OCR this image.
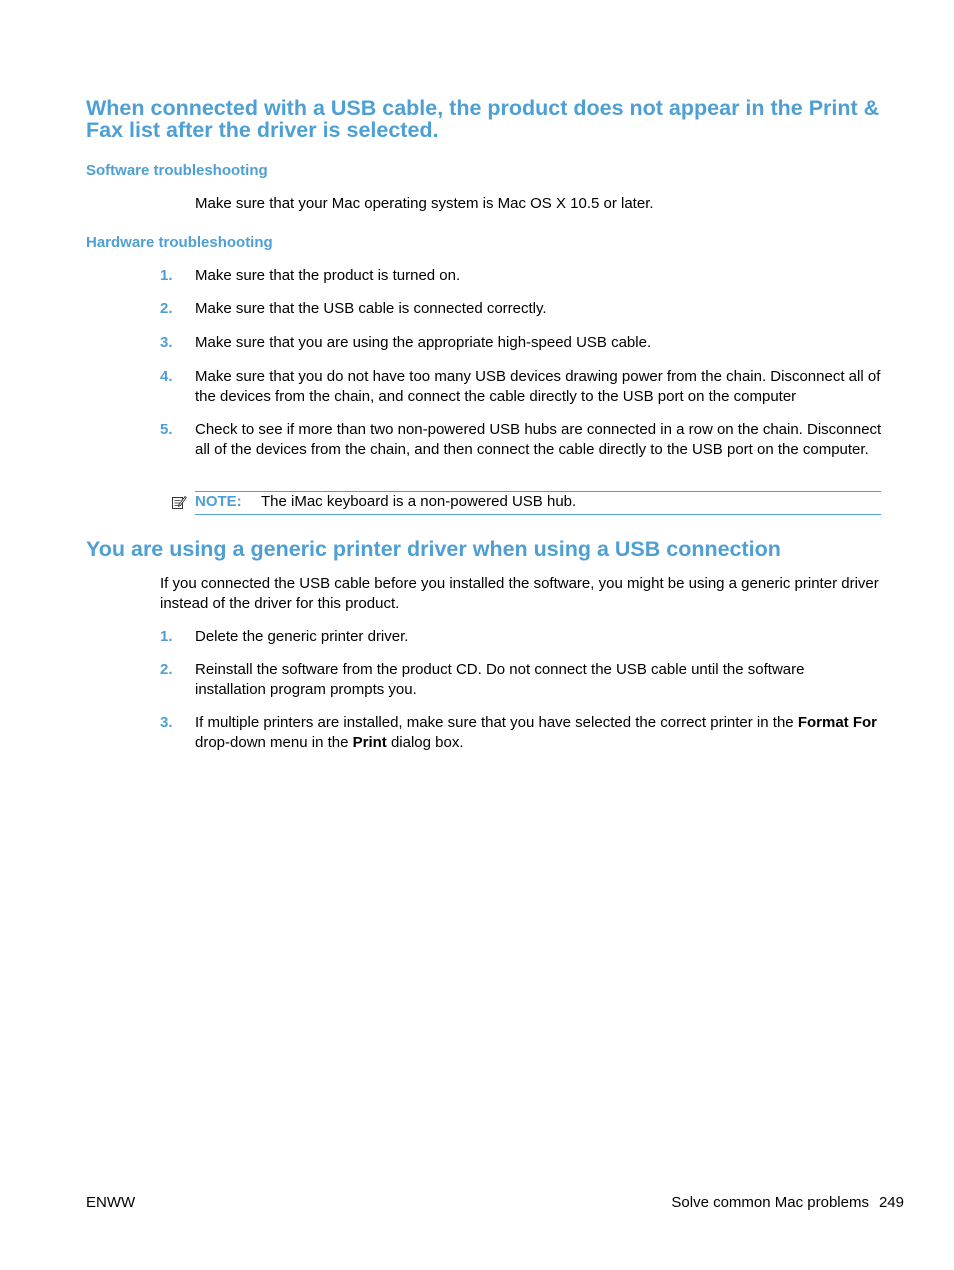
When connected with a USB cable, the product does not appear in the Print & Fax list after the driver is selected.
Software troubleshooting
Make sure that your Mac operating system is Mac OS X 10.5 or later.
Hardware troubleshooting
1. Make sure that the product is turned on.
2. Make sure that the USB cable is connected correctly.
3. Make sure that you are using the appropriate high-speed USB cable.
4. Make sure that you do not have too many USB devices drawing power from the chain. Disconnect all of the devices from the chain, and connect the cable directly to the USB port on the computer
5. Check to see if more than two non-powered USB hubs are connected in a row on the chain. Disconnect all of the devices from the chain, and then connect the cable directly to the USB port on the computer.
NOTE: The iMac keyboard is a non-powered USB hub.
You are using a generic printer driver when using a USB connection
If you connected the USB cable before you installed the software, you might be using a generic printer driver instead of the driver for this product.
1. Delete the generic printer driver.
2. Reinstall the software from the product CD. Do not connect the USB cable until the software installation program prompts you.
3. If multiple printers are installed, make sure that you have selected the correct printer in the Format For drop-down menu in the Print dialog box.
ENWW	Solve common Mac problems 249
